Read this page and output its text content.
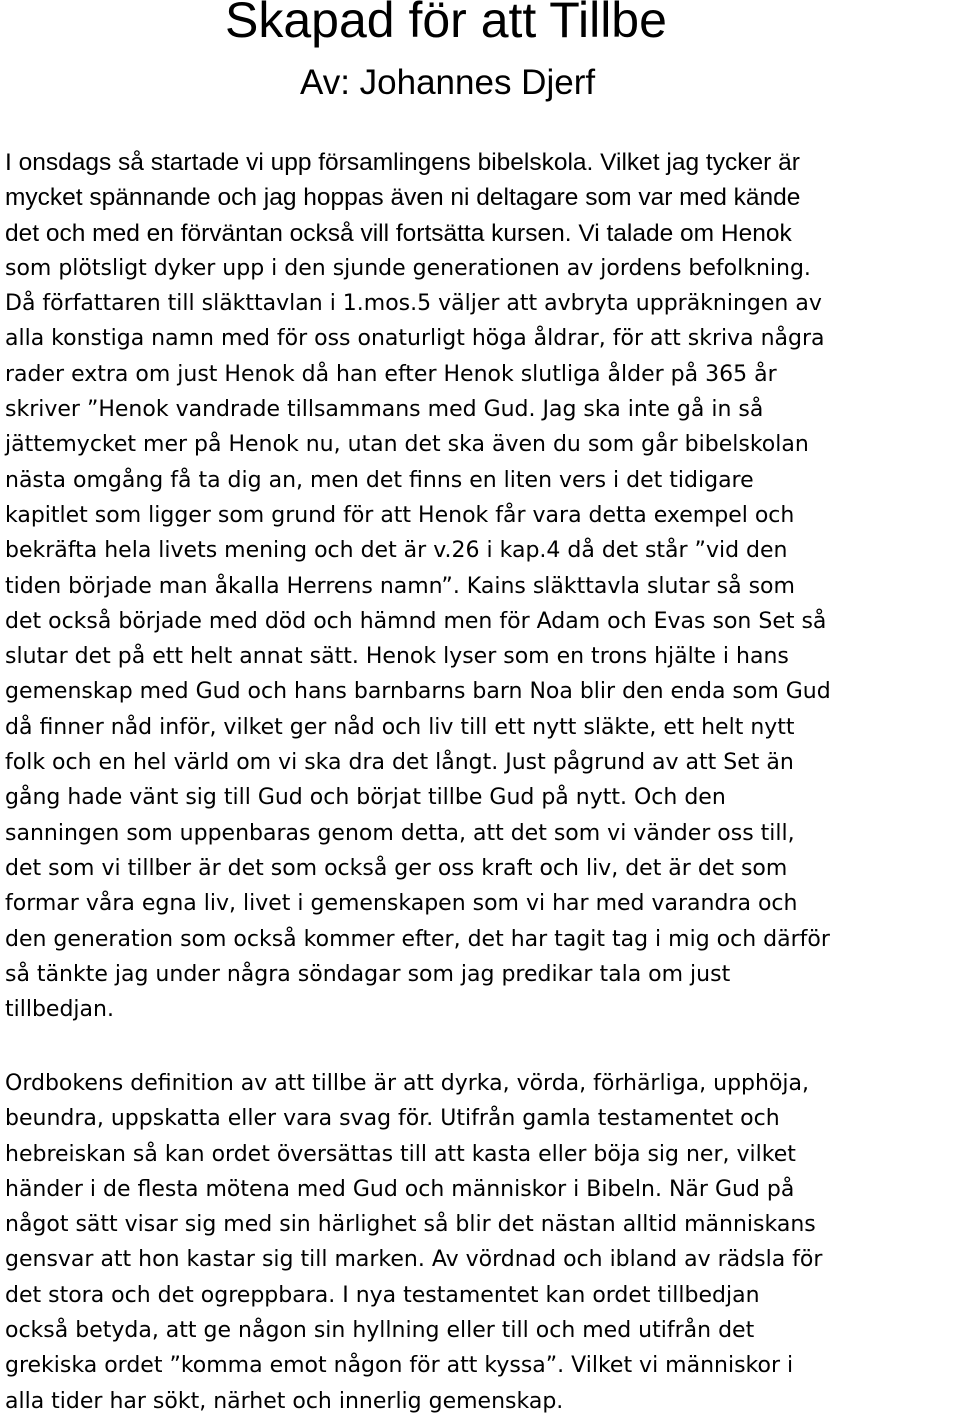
Skapad för att Tillbe
Av: Johannes Djerf
I onsdags så startade vi upp församlingens bibelskola. Vilket jag tycker är
mycket spännande och jag hoppas även ni deltagare som var med kände
det och med en förväntan också vill fortsätta kursen. Vi talade om Henok
som plötsligt dyker upp i den sjunde generationen av jordens befolkning.
Då författaren till släkttavlan i 1.mos.5 väljer att avbryta uppräkningen av
alla konstiga namn med för oss onaturligt höga åldrar, för att skriva några
rader extra om just Henok då han efter Henok slutliga ålder på 365 år
skriver ”Henok vandrade tillsammans med Gud. Jag ska inte gå in så
jättemycket mer på Henok nu, utan det ska även du som går bibelskolan
nästa omgång få ta dig an, men det finns en liten vers i det tidigare
kapitlet som ligger som grund för att Henok får vara detta exempel och
bekräfta hela livets mening och det är v.26 i kap.4 då det står ”vid den
tiden började man åkalla Herrens namn”. Kains släkttavla slutar så som
det också började med död och hämnd men för Adam och Evas son Set så
slutar det på ett helt annat sätt. Henok lyser som en trons hjälte i hans
gemenskap med Gud och hans barnbarns barn Noa blir den enda som Gud
då finner nåd inför, vilket ger nåd och liv till ett nytt släkte, ett helt nytt
folk och en hel värld om vi ska dra det långt. Just pågrund av att Set än
gång hade vänt sig till Gud och börjat tillbe Gud på nytt. Och den
sanningen som uppenbaras genom detta, att det som vi vänder oss till,
det som vi tillber är det som också ger oss kraft och liv, det är det som
formar våra egna liv, livet i gemenskapen som vi har med varandra och
den generation som också kommer efter, det har tagit tag i mig och därför
så tänkte jag under några söndagar som jag predikar tala om just
tillbedjan.
Ordbokens definition av att tillbe är att dyrka, vörda, förhärliga, upphöja,
beundra, uppskatta eller vara svag för. Utifrån gamla testamentet och
hebreiskan så kan ordet översättas till att kasta eller böja sig ner, vilket
händer i de flesta mötena med Gud och människor i Bibeln. När Gud på
något sätt visar sig med sin härlighet så blir det nästan alltid människans
gensvar att hon kastar sig till marken. Av vördnad och ibland av rädsla för
det stora och det ogreppbara. I nya testamentet kan ordet tillbedjan
också betyda, att ge någon sin hyllning eller till och med utifrån det
grekiska ordet ”komma emot någon för att kyssa”. Vilket vi människor i
alla tider har sökt, närhet och innerlig gemenskap.
